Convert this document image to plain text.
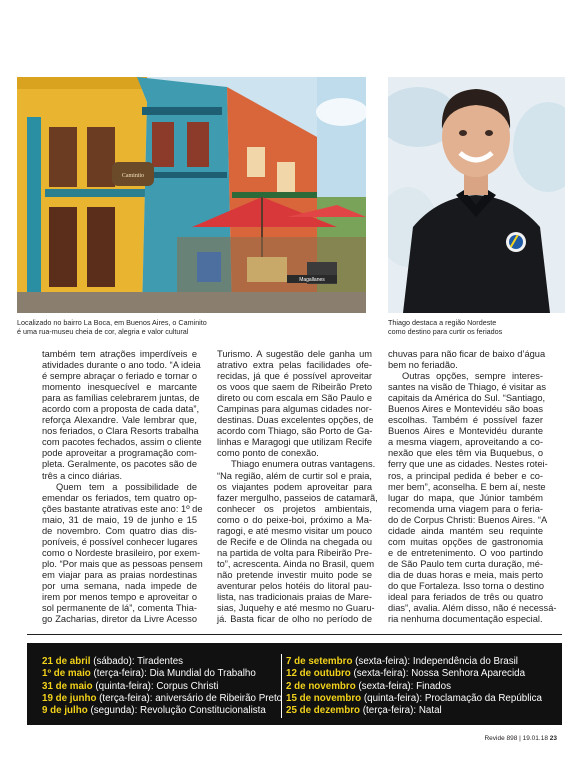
Caminito
Magallanes
Localizado no bairro La Boca, em Buenos Aires, o Caminito
é uma rua-museu cheia de cor, alegria e valor cultural
Thiago destaca a região Nordeste
como destino para curtir os feriados
também tem atrações imperdíveis e
atividades durante o ano todo. “A ideia
é sempre abraçar o feriado e tornar o
momento inesquecível e marcante
para as famílias celebrarem juntas, de
acordo com a proposta de cada data”,
reforça Alexandre. Vale lembrar que,
nos feriados, o Clara Resorts trabalha
com pacotes fechados, assim o cliente
pode aproveitar a programação com-
pleta. Geralmente, os pacotes são de
três a cinco diárias.
Quem tem a possibilidade de
emendar os feriados, tem quatro op-
ções bastante atrativas este ano: 1º de
maio, 31 de maio, 19 de junho e 15
de novembro. Com quatro dias dis-
poníveis, é possível conhecer lugares
como o Nordeste brasileiro, por exem-
plo. “Por mais que as pessoas pensem
em viajar para as praias nordestinas
por uma semana, nada impede de
irem por menos tempo e aproveitar o
sol permanente de lá”, comenta Thia-
go Zacharias, diretor da Livre Acesso
Turismo. A sugestão dele ganha um
atrativo extra pelas facilidades ofe-
recidas, já que é possível aproveitar
os voos que saem de Ribeirão Preto
direto ou com escala em São Paulo e
Campinas para algumas cidades nor-
destinas. Duas excelentes opções, de
acordo com Thiago, são Porto de Ga-
linhas e Maragogi que utilizam Recife
como ponto de conexão.
Thiago enumera outras vantagens.
“Na região, além de curtir sol e praia,
os viajantes podem aproveitar para
fazer mergulho, passeios de catamarã,
conhecer os projetos ambientais,
como o do peixe-boi, próximo a Ma-
ragogi, e até mesmo visitar um pouco
de Recife e de Olinda na chegada ou
na partida de volta para Ribeirão Pre-
to”, acrescenta. Ainda no Brasil, quem
não pretende investir muito pode se
aventurar pelos hotéis do litoral pau-
lista, nas tradicionais praias de Mare-
sias, Juquehy e até mesmo no Guaru-
já. Basta ficar de olho no período de
chuvas para não ficar de baixo d’água
bem no feriadão.
Outras opções, sempre interes-
santes na visão de Thiago, é visitar as
capitais da América do Sul. “Santiago,
Buenos Aires e Montevidéu são boas
escolhas. Também é possível fazer
Buenos Aires e Montevidéu durante
a mesma viagem, aproveitando a co-
nexão que eles têm via Buquebus, o
ferry que une as cidades. Nestes rotei-
ros, a principal pedida é beber e co-
mer bem”, aconselha. E bem aí, neste
lugar do mapa, que Júnior também
recomenda uma viagem para o feria-
do de Corpus Christi: Buenos Aires. “A
cidade ainda mantém seu requinte
com muitas opções de gastronomia
e de entretenimento. O voo partindo
de São Paulo tem curta duração, mé-
dia de duas horas e meia, mais perto
do que Fortaleza. Isso torna o destino
ideal para feriados de três ou quatro
dias”, avalia. Além disso, não é necessá-
ria nenhuma documentação especial.
21 de abril (sábado): Tiradentes
1º de maio (terça-feira): Dia Mundial do Trabalho
31 de maio (quinta-feira): Corpus Christi
19 de junho (terça-feira): aniversário de Ribeirão Preto
9 de julho (segunda): Revolução Constitucionalista
7 de setembro (sexta-feira): Independência do Brasil
12 de outubro (sexta-feira): Nossa Senhora Aparecida
2 de novembro (sexta-feira): Finados
15 de novembro (quinta-feira): Proclamação da República
25 de dezembro (terça-feira): Natal
Revide 898 | 19.01.18 23
